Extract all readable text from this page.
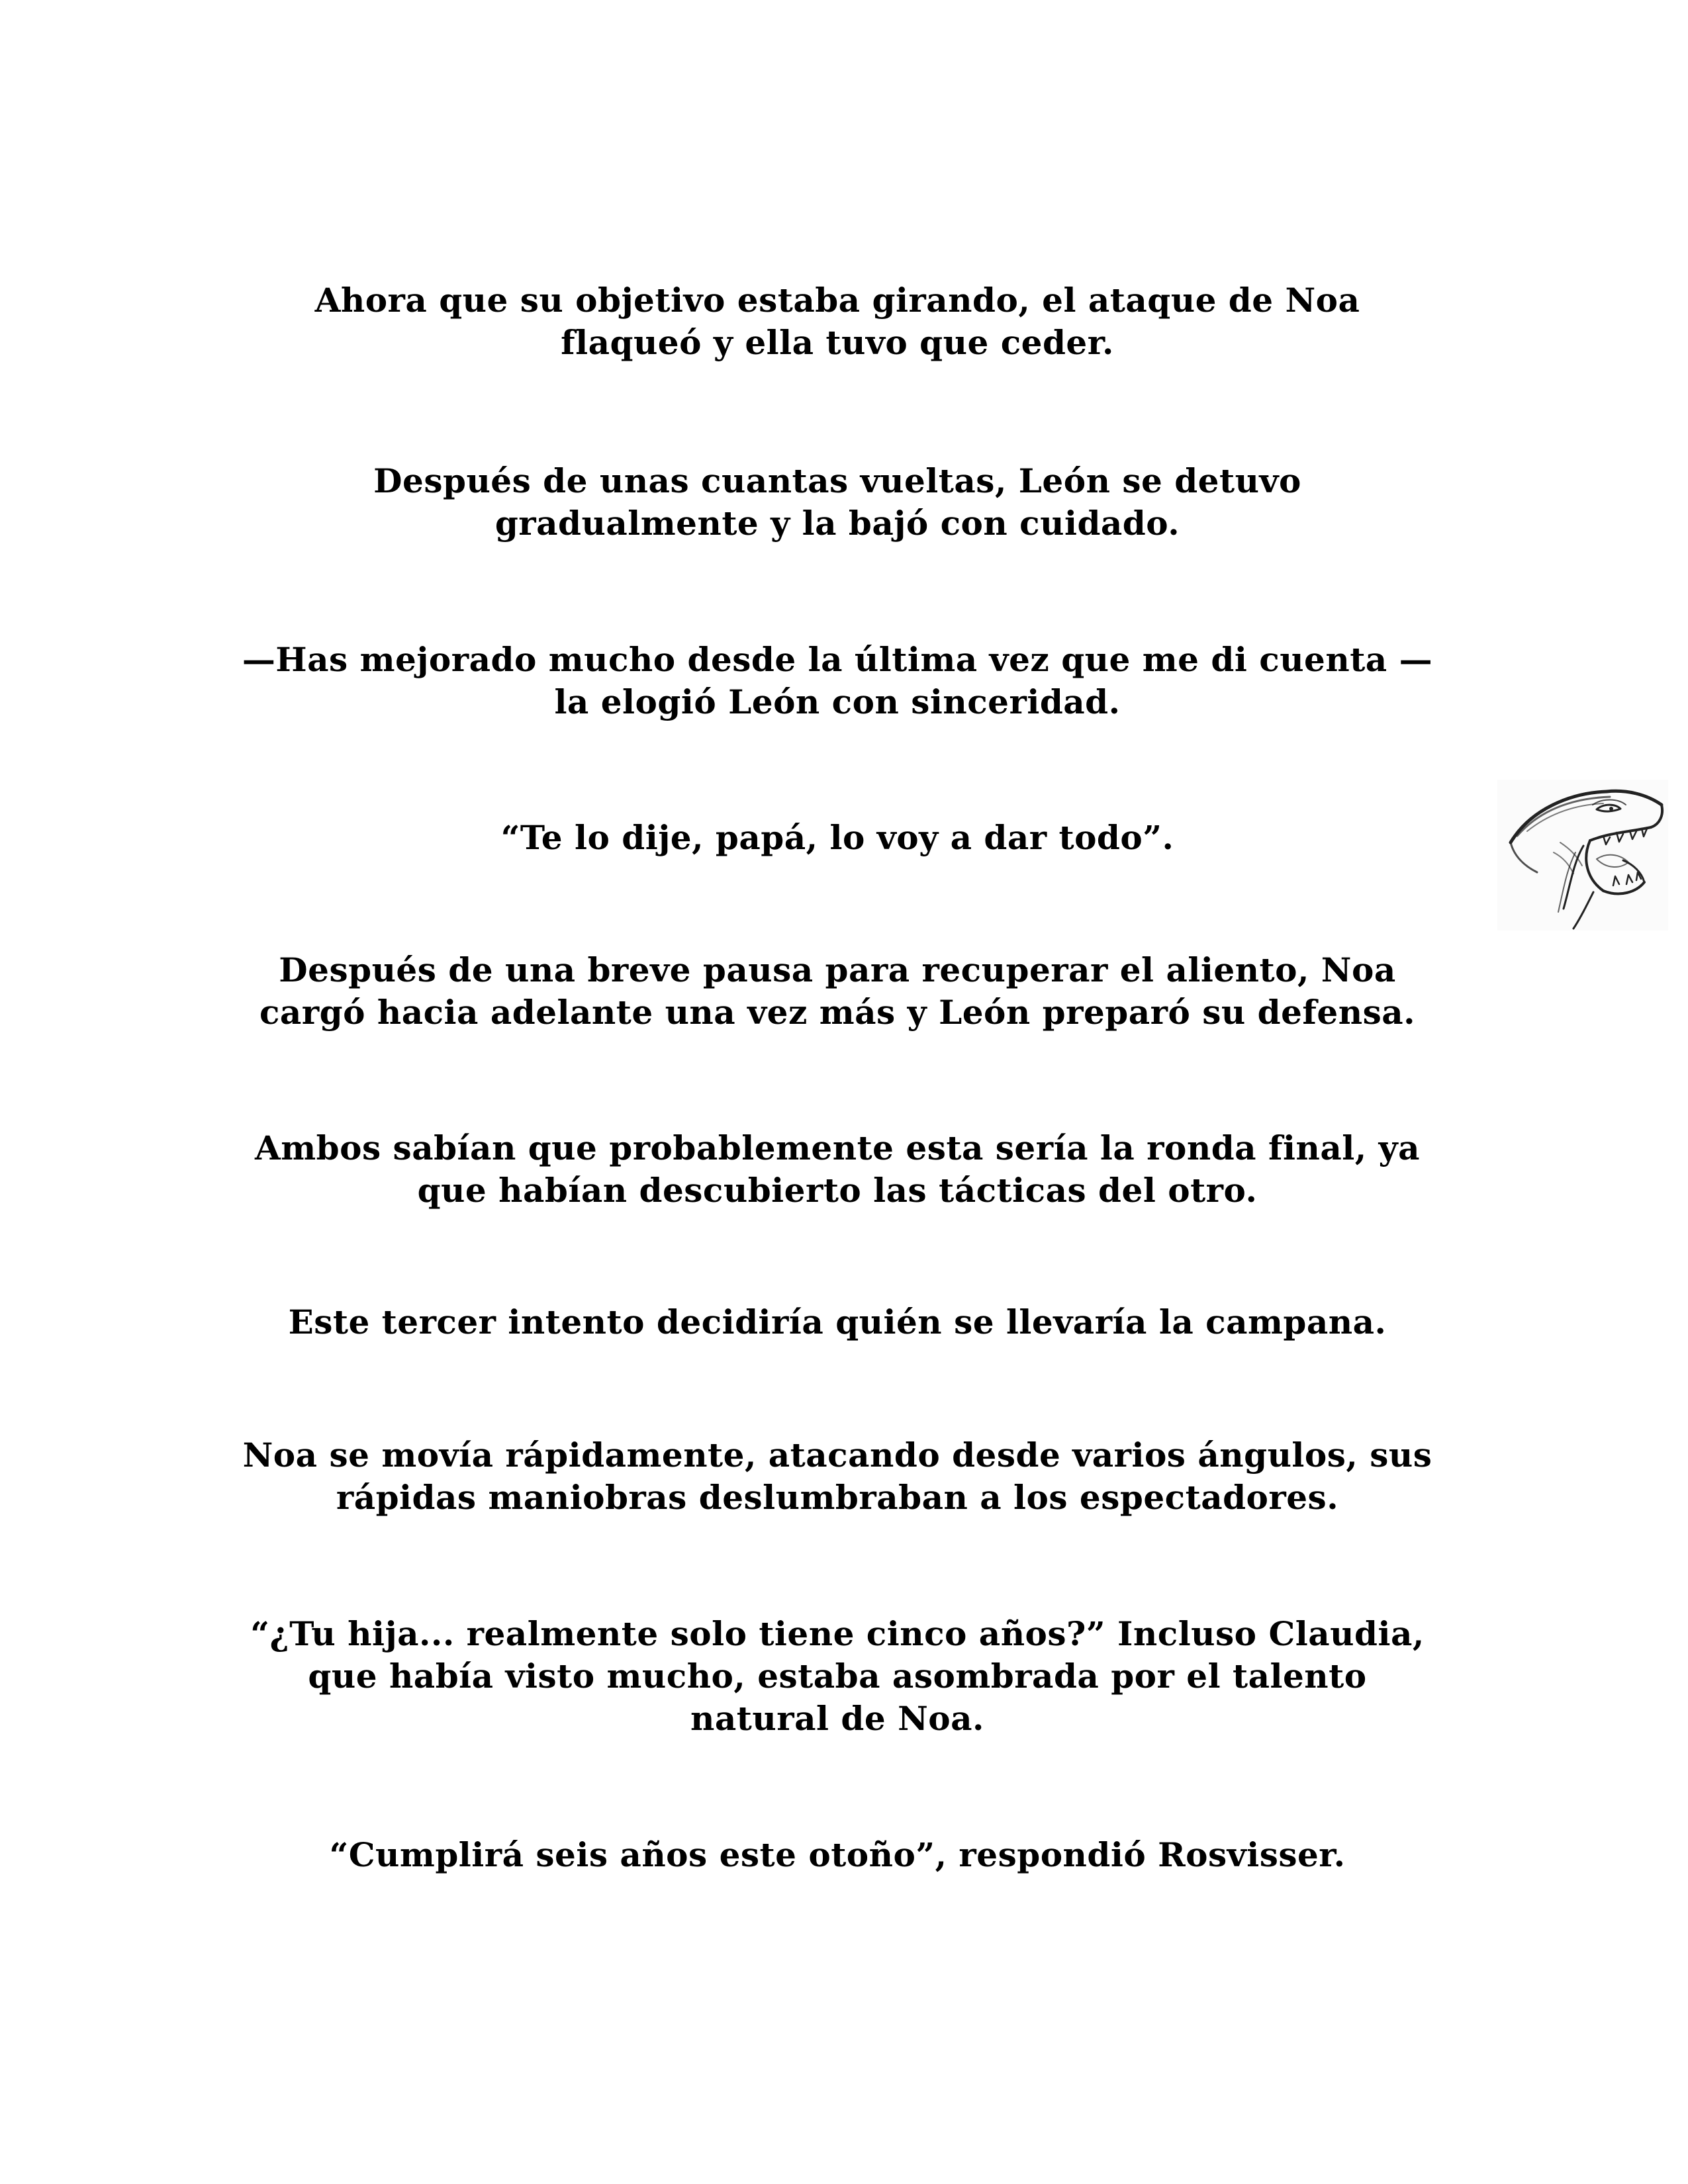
Ahora que su objetivo estaba girando, el ataque de Noa
flaqueó y ella tuvo que ceder.
Después de unas cuantas vueltas, León se detuvo
gradualmente y la bajó con cuidado.
—Has mejorado mucho desde la última vez que me di cuenta —
la elogió León con sinceridad.
“Te lo dije, papá, lo voy a dar todo”.
Después de una breve pausa para recuperar el aliento, Noa
cargó hacia adelante una vez más y León preparó su defensa.
Ambos sabían que probablemente esta sería la ronda final, ya
que habían descubierto las tácticas del otro.
Este tercer intento decidiría quién se llevaría la campana.
Noa se movía rápidamente, atacando desde varios ángulos, sus
rápidas maniobras deslumbraban a los espectadores.
“¿Tu hija... realmente solo tiene cinco años?” Incluso Claudia,
que había visto mucho, estaba asombrada por el talento
natural de Noa.
“Cumplirá seis años este otoño”, respondió Rosvisser.
